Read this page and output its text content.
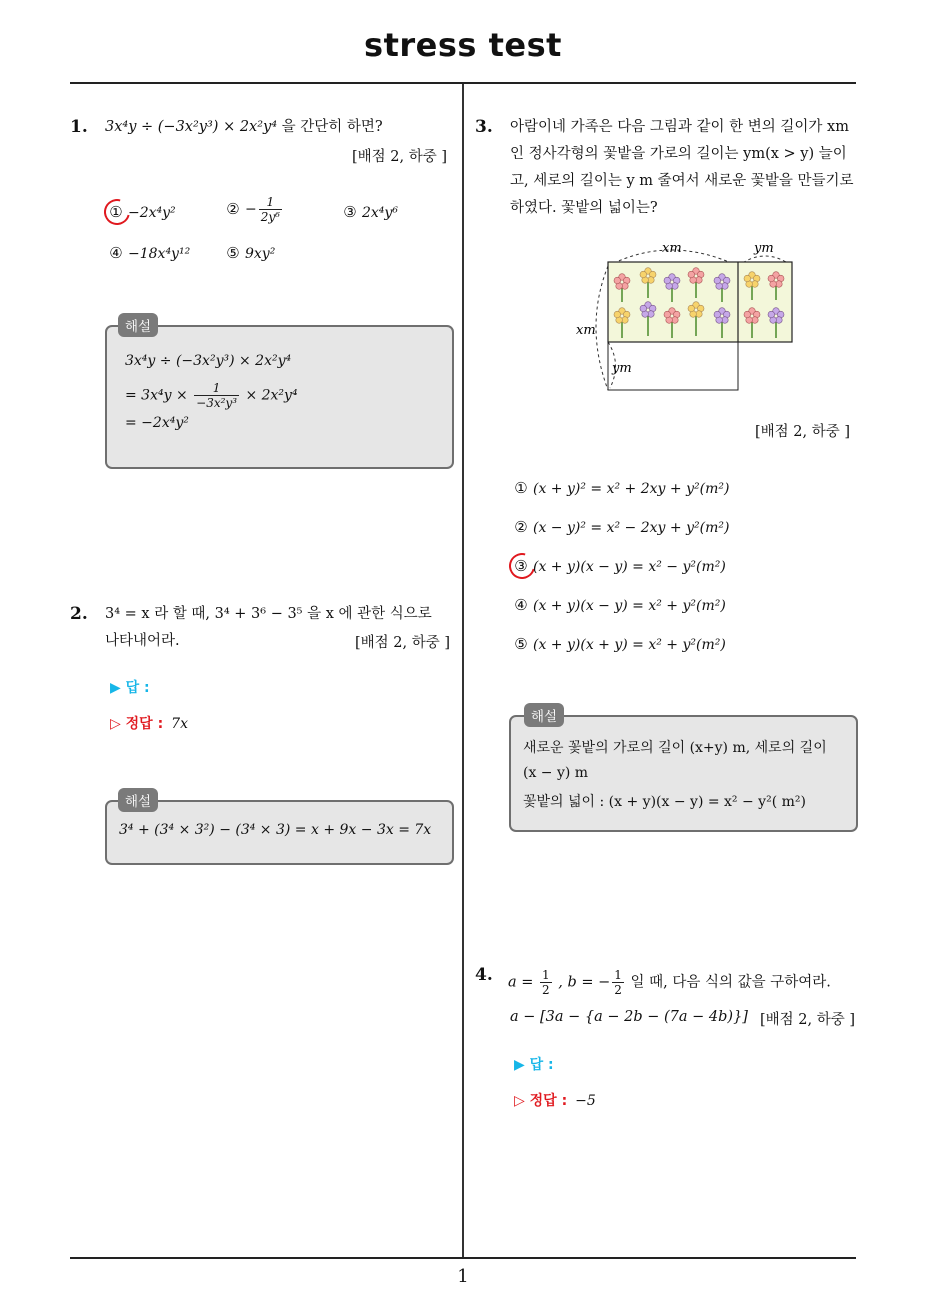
stress test
1
1. 3x⁴y ÷ (−3x²y³) × 2x²y⁴ 을 간단히 하면?
[배점 2, 하중 ]
① −2x⁴y²	② − $\frac{1}{\text{2y⁶}}$	③ 2x⁴y⁶
④ −18x⁴y¹² ⑤ 9xy²
3x⁴y ÷ (−3x²y³) × 2x²y⁴
= $3x^4y \times \frac{1}{\text{−3x²y³}} \times 2x^2y^4$
= −2x⁴y²
해설
2. 3⁴ = x 라 할 때, 3⁴ + 3⁶ − 3⁵ 을 x 에 관한 식으로
나타내어라.	[배점 2, 하중 ]
▶ 답 :
▷ 정답 : 7x
3⁴ + (3⁴ × 3²) − (3⁴ × 3) = x + 9x − 3x = 7x
해설
3. 아람이네 가족은 다음 그림과 같이 한 변의 길이가 xm
인 정사각형의 꽃밭을 가로의 길이는 ym(x > y) 늘이
고, 세로의 길이는 y m 줄여서 새로운 꽃밭을 만들기로
하였다. 꽃밭의 넓이는?
xm	ym
xm
ym
[배점 2, 하중 ]
① (x + y)² = x² + 2xy + y²(m²)
② (x − y)² = x² − 2xy + y²(m²)
③ (x + y)(x − y) = x² − y²(m²)
④ (x + y)(x − y) = x² + y²(m²)
⑤ (x + y)(x + y) = x² + y²(m²)
새로운 꽃밭의 가로의 길이 (x+y) m, 세로의 길이
(x − y) m
꽃밭의 넓이 : (x + y)(x − y) = x² − y²( m²)
해설
4. $a = \frac{1}{2}$ , b = − $\frac{1}{2}$ 일 때, 다음 식의 값을 구하여라.
a − [3a − {a − 2b − (7a − 4b)}] [배점 2, 하중 ]
▶ 답 :
▷ 정답 : −5
